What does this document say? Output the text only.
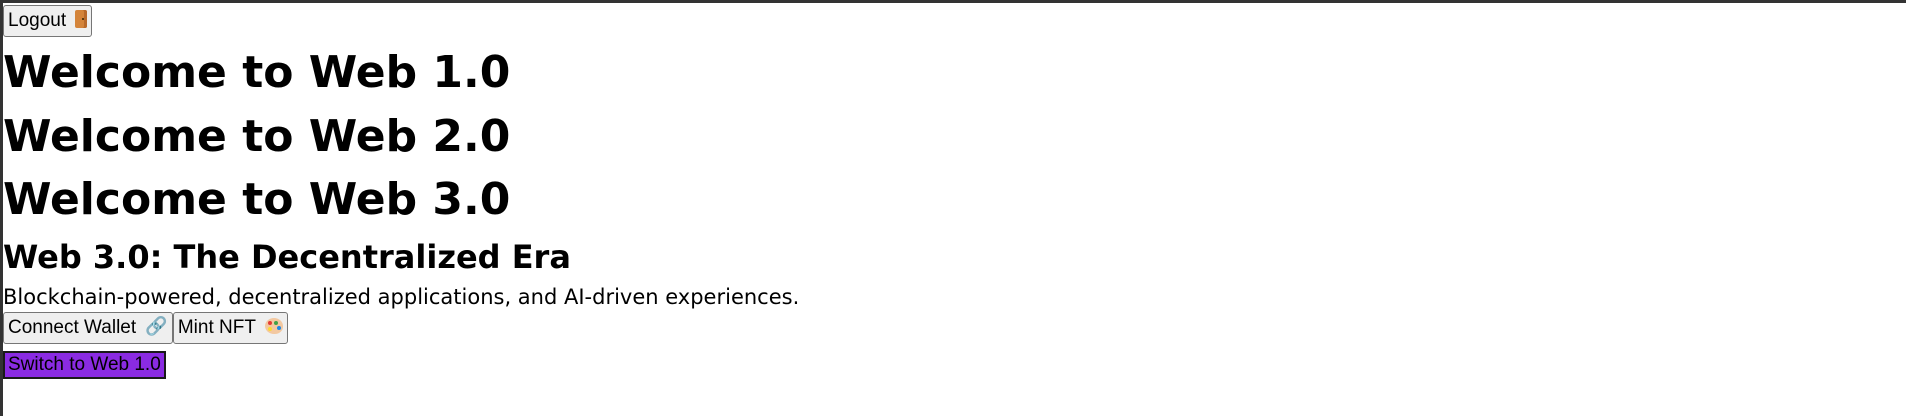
Logout
Welcome to Web 1.0
Welcome to Web 2.0
Welcome to Web 3.0
Web 3.0: The Decentralized Era

Blockchain-powered, decentralized applications, and AI-driven experiences.

Connect Wallet 🔗 Mint NFT
Switch to Web 1.0
